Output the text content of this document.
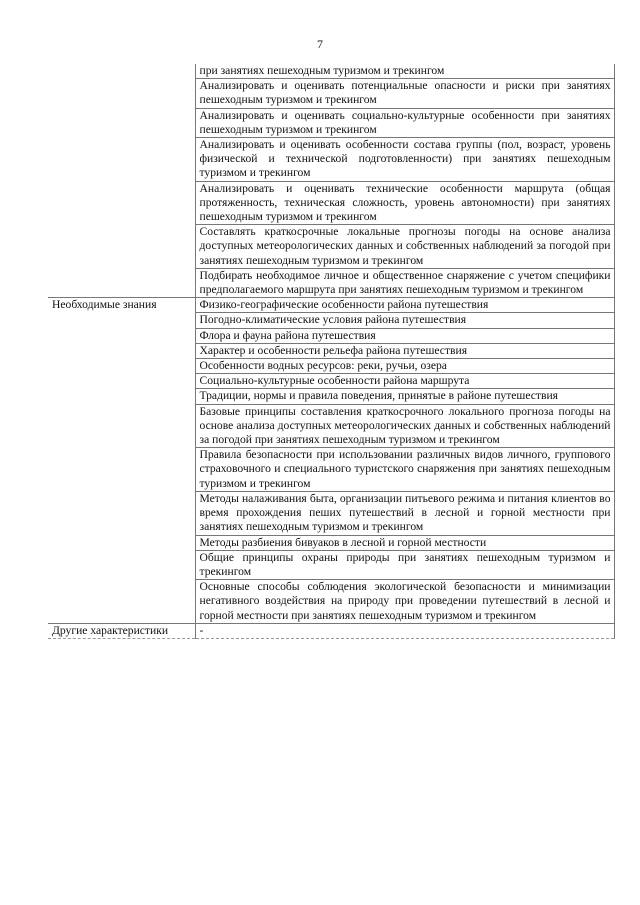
7
	при занятиях пешеходным туризмом и трекингом
	Анализировать и оценивать потенциальные опасности и риски при занятиях пешеходным туризмом и трекингом
	Анализировать и оценивать социально-культурные особенности при занятиях пешеходным туризмом и трекингом
	Анализировать и оценивать особенности состава группы (пол, возраст, уровень физической и технической подготовленности) при занятиях пешеходным туризмом и трекингом
	Анализировать и оценивать технические особенности маршрута (общая протяженность, техническая сложность, уровень автономности) при занятиях пешеходным туризмом и трекингом
	Составлять краткосрочные локальные прогнозы погоды на основе анализа доступных метеорологических данных и собственных наблюдений за погодой при занятиях пешеходным туризмом и трекингом
	Подбирать необходимое личное и общественное снаряжение с учетом специфики предполагаемого маршрута при занятиях пешеходным туризмом и трекингом
Необходимые знания	Физико-географические особенности района путешествия
	Погодно-климатические условия района путешествия
	Флора и фауна района путешествия
	Характер и особенности рельефа района путешествия
	Особенности водных ресурсов: реки, ручьи, озера
	Социально-культурные особенности района маршрута
	Традиции, нормы и правила поведения, принятые в районе путешествия
	Базовые принципы составления краткосрочного локального прогноза погоды на основе анализа доступных метеорологических данных и собственных наблюдений за погодой при занятиях пешеходным туризмом и трекингом
	Правила безопасности при использовании различных видов личного, группового страховочного и специального туристского снаряжения при занятиях пешеходным туризмом и трекингом
	Методы налаживания быта, организации питьевого режима и питания клиентов во время прохождения пеших путешествий в лесной и горной местности при занятиях пешеходным туризмом и трекингом
	Методы разбиения бивуаков в лесной и горной местности
	Общие принципы охраны природы при занятиях пешеходным туризмом и трекингом
	Основные способы соблюдения экологической безопасности и минимизации негативного воздействия на природу при проведении путешествий в лесной и горной местности при занятиях пешеходным туризмом и трекингом
Другие характеристики	-
